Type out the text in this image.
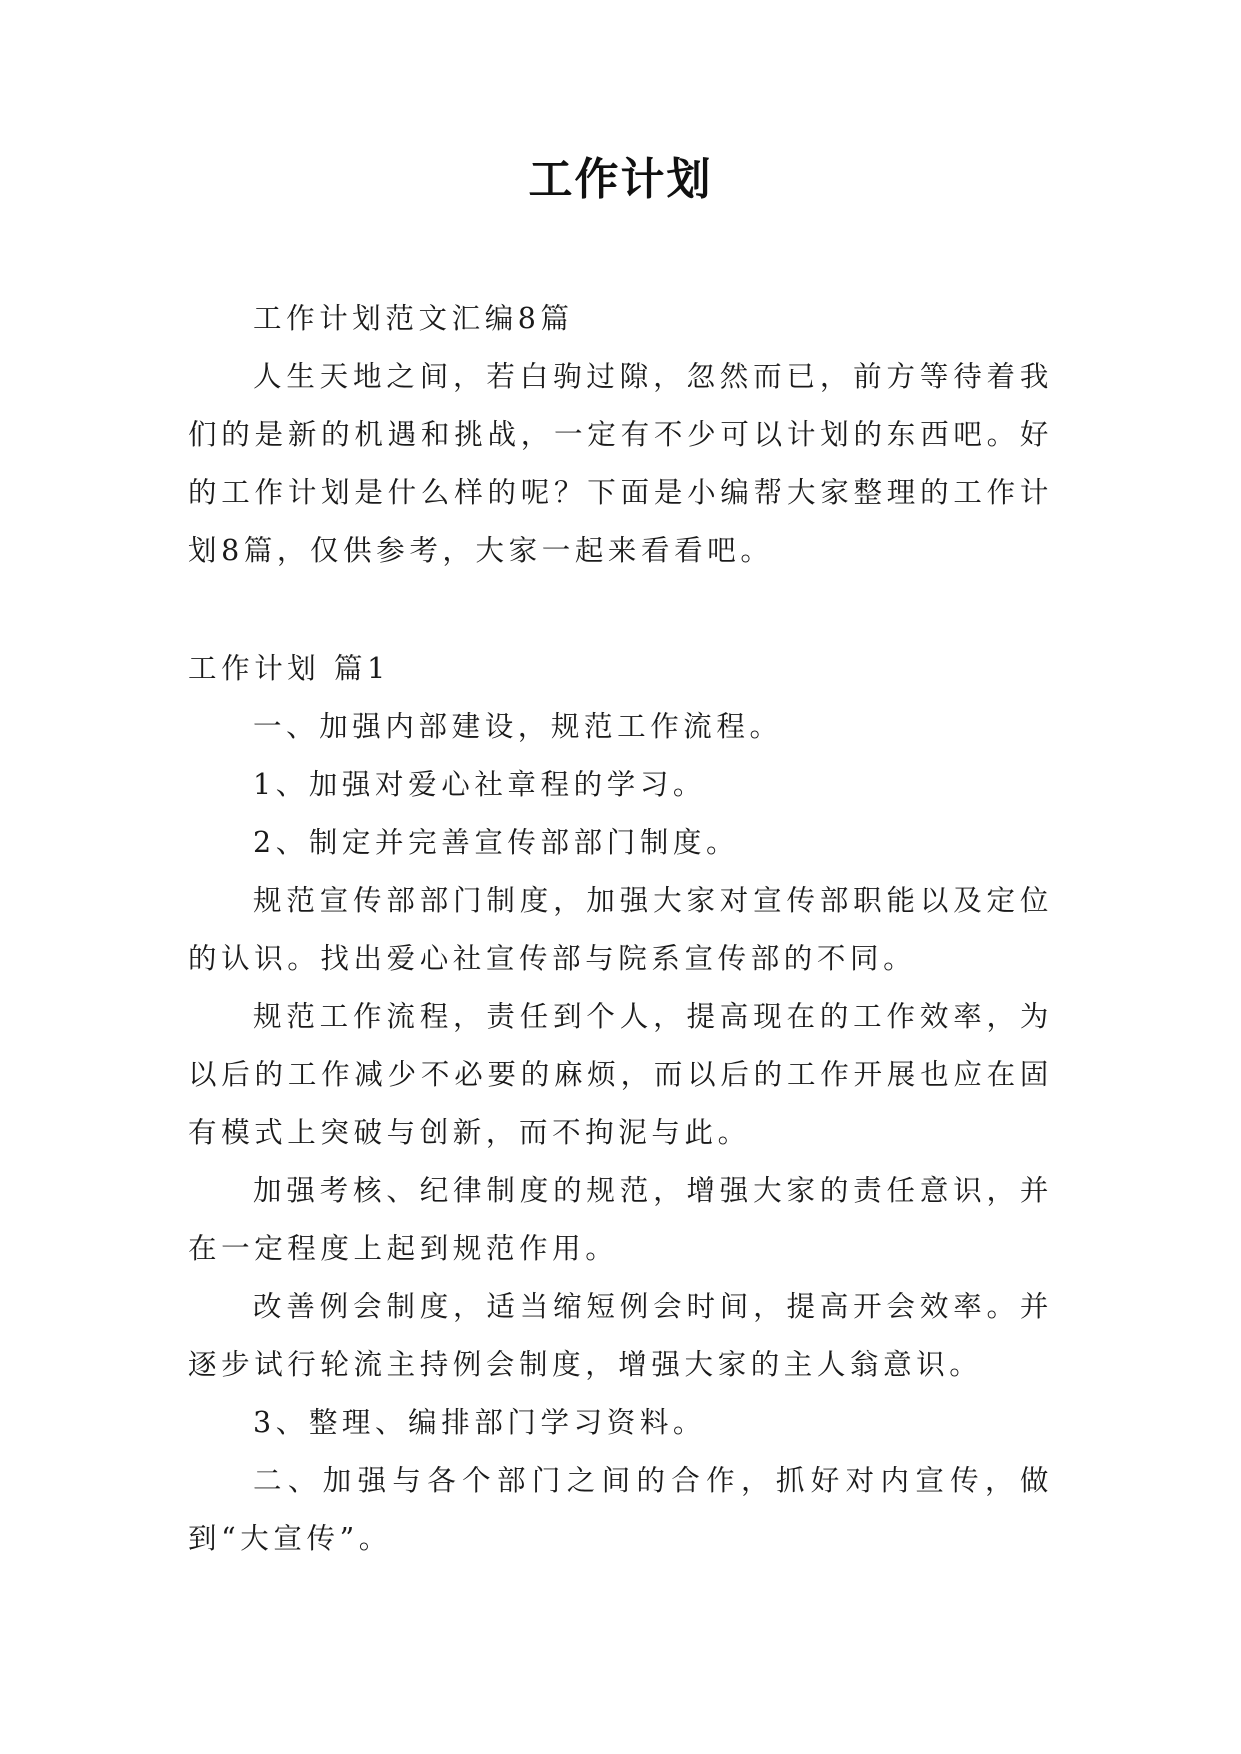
工作计划

工作计划范文汇编8篇

人生天地之间，若白驹过隙，忽然而已，前方等待着我们的是新的机遇和挑战，一定有不少可以计划的东西吧。好的工作计划是什么样的呢？下面是小编帮大家整理的工作计划8篇，仅供参考，大家一起来看看吧。

工作计划 篇1

一、加强内部建设，规范工作流程。

1、加强对爱心社章程的学习。

2、制定并完善宣传部部门制度。

规范宣传部部门制度，加强大家对宣传部职能以及定位的认识。找出爱心社宣传部与院系宣传部的不同。

规范工作流程，责任到个人，提高现在的工作效率，为以后的工作减少不必要的麻烦，而以后的工作开展也应在固有模式上突破与创新，而不拘泥与此。

加强考核、纪律制度的规范，增强大家的责任意识，并在一定程度上起到规范作用。

改善例会制度，适当缩短例会时间，提高开会效率。并逐步试行轮流主持例会制度，增强大家的主人翁意识。

3、整理、编排部门学习资料。

二、加强与各个部门之间的合作，抓好对内宣传，做到“大宣传”。
